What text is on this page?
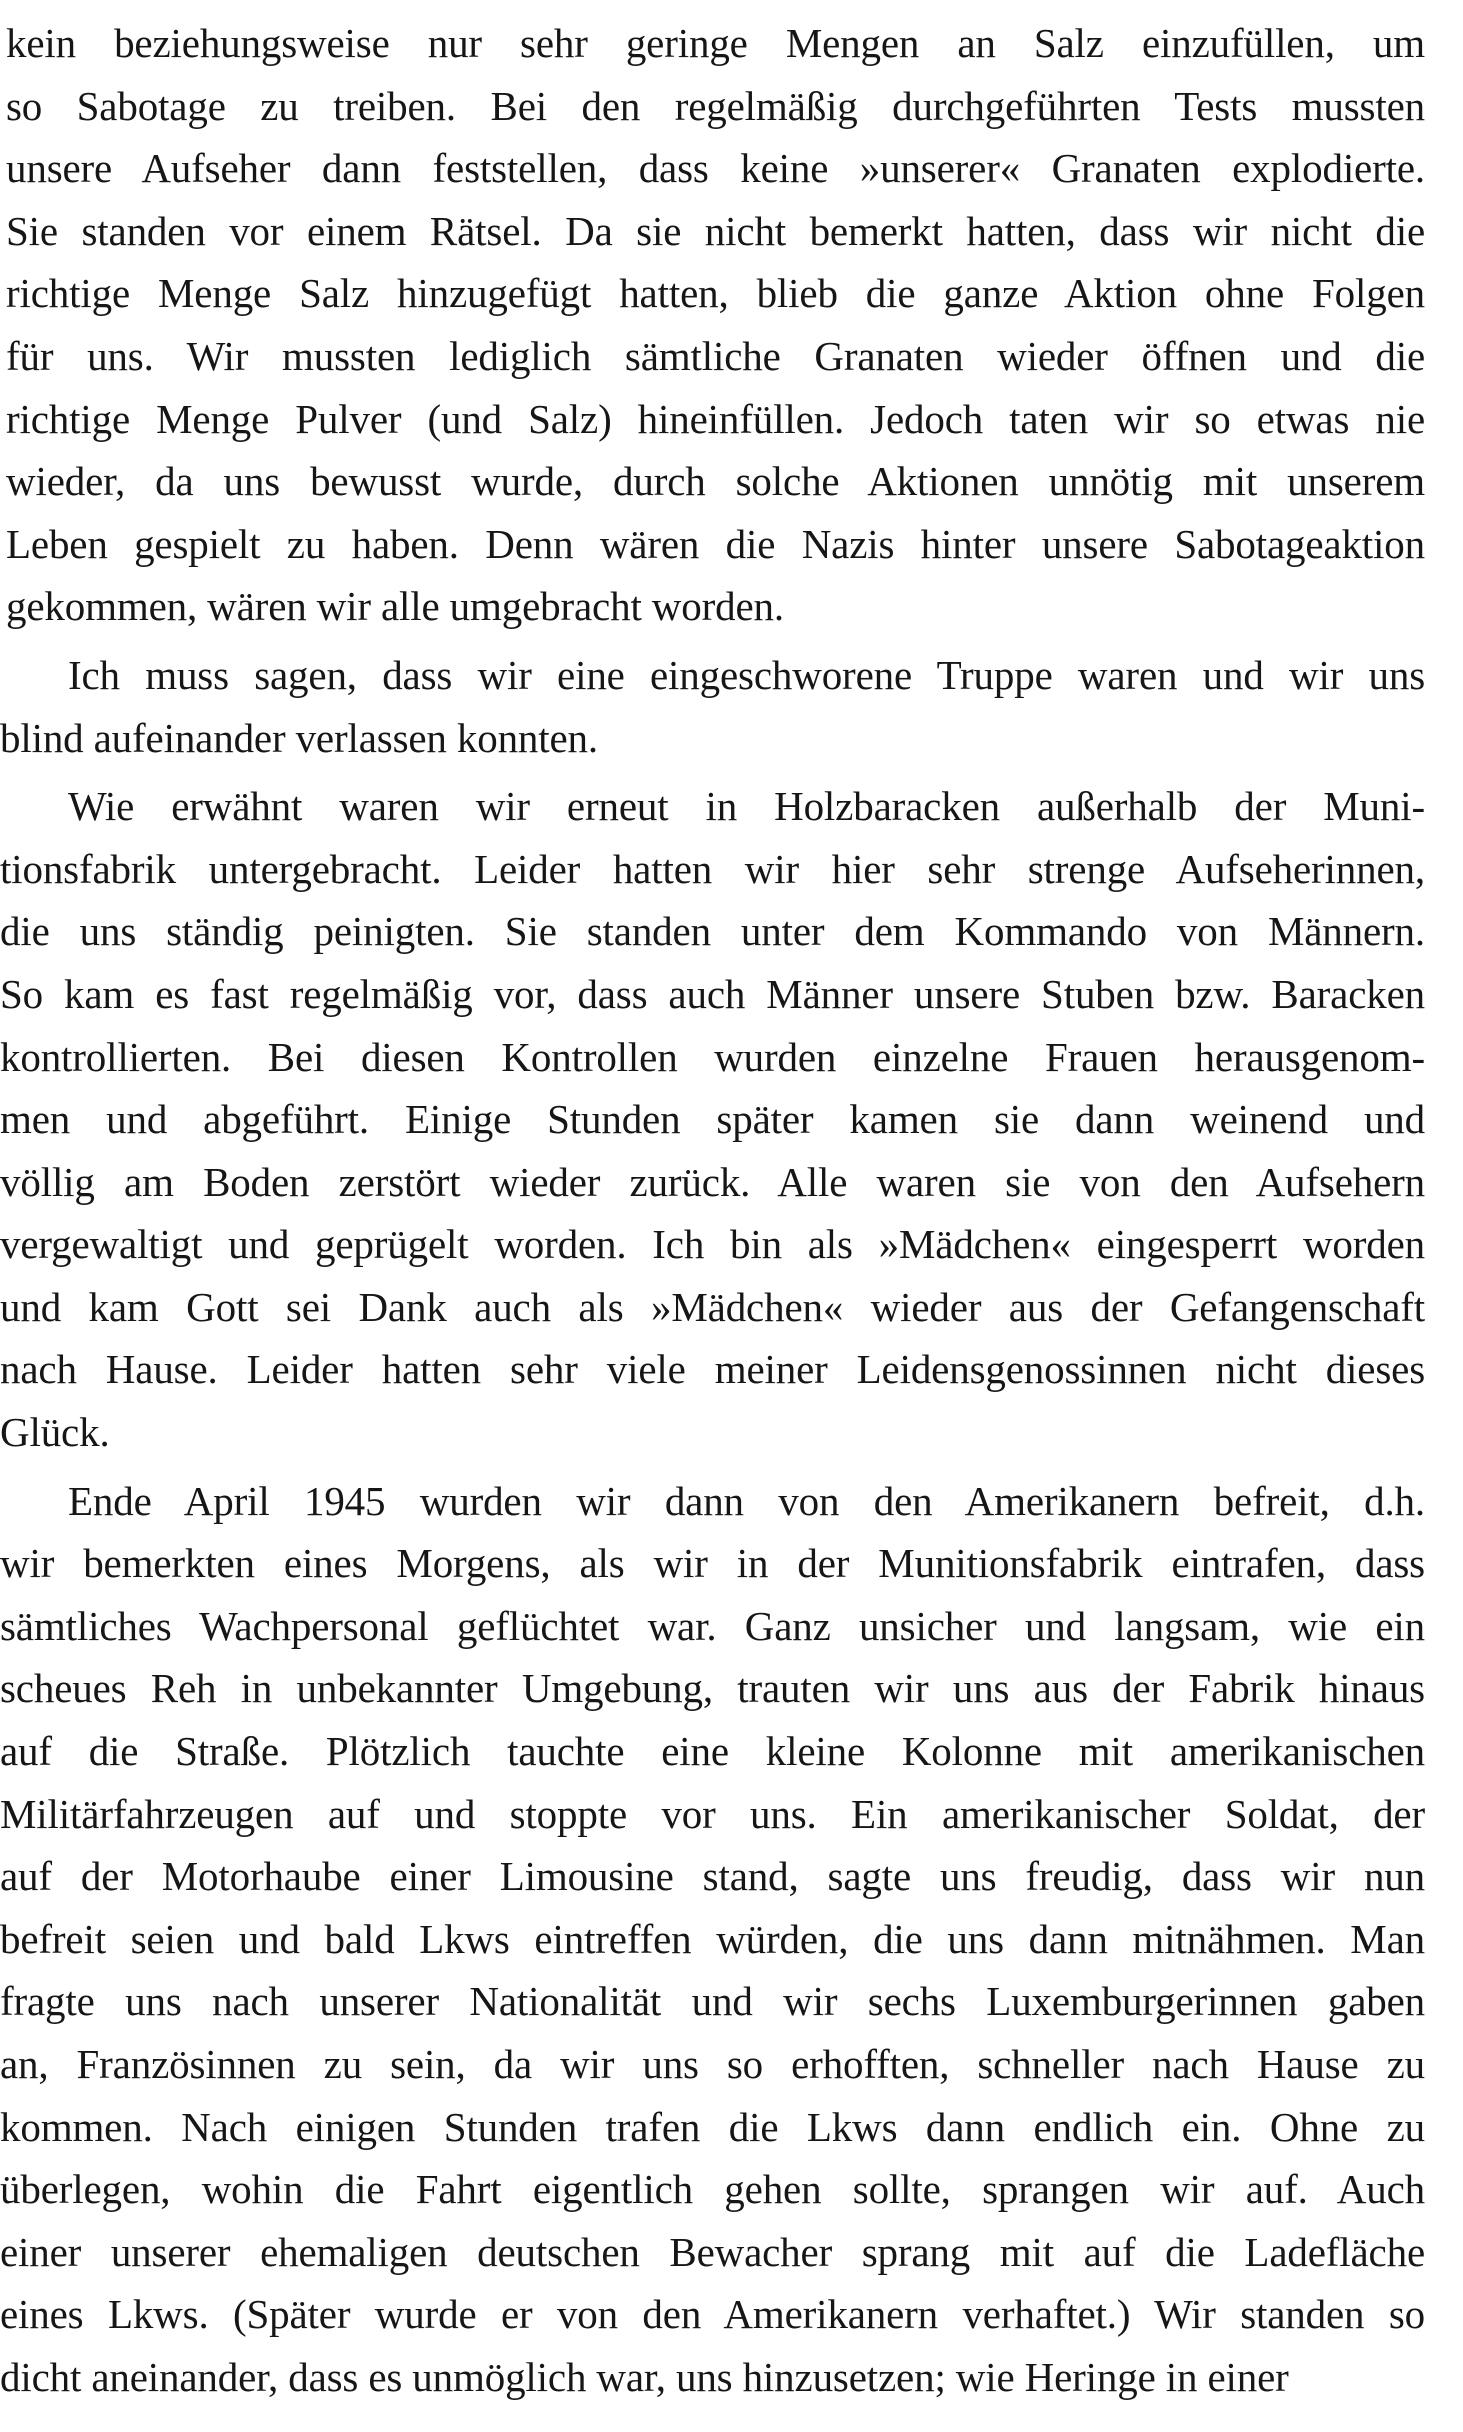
kein beziehungsweise nur sehr geringe Mengen an Salz einzufüllen, um
so Sabotage zu treiben. Bei den regelmäßig durchgeführten Tests mussten
unsere Aufseher dann feststellen, dass keine »unserer« Granaten explodierte.
Sie standen vor einem Rätsel. Da sie nicht bemerkt hatten, dass wir nicht die
richtige Menge Salz hinzugefügt hatten, blieb die ganze Aktion ohne Folgen
für uns. Wir mussten lediglich sämtliche Granaten wieder öffnen und die
richtige Menge Pulver (und Salz) hineinfüllen. Jedoch taten wir so etwas nie
wieder, da uns bewusst wurde, durch solche Aktionen unnötig mit unserem
Leben gespielt zu haben. Denn wären die Nazis hinter unsere Sabotageaktion
gekommen, wären wir alle umgebracht worden.
Ich muss sagen, dass wir eine eingeschworene Truppe waren und wir uns
blind aufeinander verlassen konnten.
Wie erwähnt waren wir erneut in Holzbaracken außerhalb der Muni-
tionsfabrik untergebracht. Leider hatten wir hier sehr strenge Aufseherinnen,
die uns ständig peinigten. Sie standen unter dem Kommando von Männern.
So kam es fast regelmäßig vor, dass auch Männer unsere Stuben bzw. Baracken
kontrollierten. Bei diesen Kontrollen wurden einzelne Frauen herausgenom-
men und abgeführt. Einige Stunden später kamen sie dann weinend und
völlig am Boden zerstört wieder zurück. Alle waren sie von den Aufsehern
vergewaltigt und geprügelt worden. Ich bin als »Mädchen« eingesperrt worden
und kam Gott sei Dank auch als »Mädchen« wieder aus der Gefangenschaft
nach Hause. Leider hatten sehr viele meiner Leidensgenossinnen nicht dieses
Glück.
Ende April 1945 wurden wir dann von den Amerikanern befreit, d.h.
wir bemerkten eines Morgens, als wir in der Munitionsfabrik eintrafen, dass
sämtliches Wachpersonal geflüchtet war. Ganz unsicher und langsam, wie ein
scheues Reh in unbekannter Umgebung, trauten wir uns aus der Fabrik hinaus
auf die Straße. Plötzlich tauchte eine kleine Kolonne mit amerikanischen
Militärfahrzeugen auf und stoppte vor uns. Ein amerikanischer Soldat, der
auf der Motorhaube einer Limousine stand, sagte uns freudig, dass wir nun
befreit seien und bald Lkws eintreffen würden, die uns dann mitnähmen. Man
fragte uns nach unserer Nationalität und wir sechs Luxemburgerinnen gaben
an, Französinnen zu sein, da wir uns so erhofften, schneller nach Hause zu
kommen. Nach einigen Stunden trafen die Lkws dann endlich ein. Ohne zu
überlegen, wohin die Fahrt eigentlich gehen sollte, sprangen wir auf. Auch
einer unserer ehemaligen deutschen Bewacher sprang mit auf die Ladefläche
eines Lkws. (Später wurde er von den Amerikanern verhaftet.) Wir standen so
dicht aneinander, dass es unmöglich war, uns hinzusetzen; wie Heringe in einer
